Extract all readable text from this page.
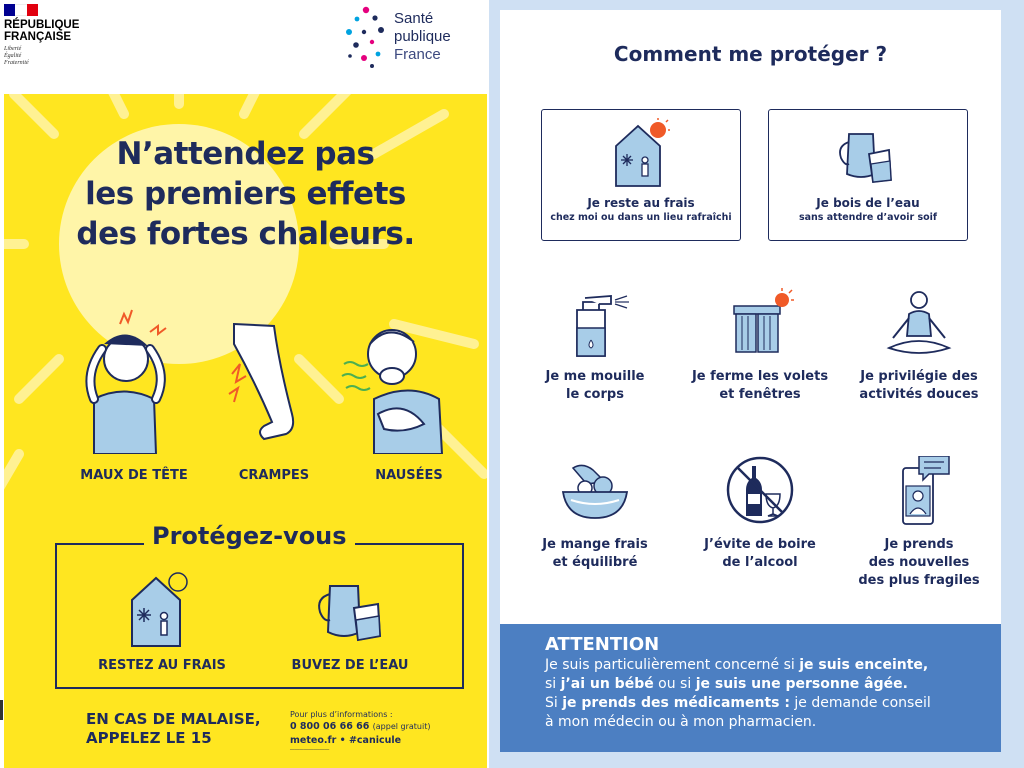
RÉPUBLIQUE
FRANÇAISE
Liberté
Égalité
Fraternité
Santé
publique
France
N’attendez pas
les premiers effets
des fortes chaleurs.
MAUX DE TÊTE	CRAMPES	NAUSÉES
Protégez-vous
RESTEZ AU FRAIS	BUVEZ DE L’EAU
EN CAS DE MALAISE,
APPELEZ LE 15
Pour plus d’informations :
0 800 06 66 66 (appel gratuit)
meteo.fr • #canicule
▔▔▔▔▔▔▔▔▔▔▔▔▔▔▔▔▔
Comment me protéger ?
Je reste au frais
chez moi ou dans un lieu rafraîchi
Je bois de l’eau
sans attendre d’avoir soif
Je me mouille
le corps
Je ferme les volets
et fenêtres
Je privilégie des
activités douces
Je mange frais
et équilibré
J’évite de boire
de l’alcool
Je prends
des nouvelles
des plus fragiles
ATTENTION
Je suis particulièrement concerné si je suis enceinte,
si j’ai un bébé ou si je suis une personne âgée.
Si je prends des médicaments : je demande conseil
à mon médecin ou à mon pharmacien.
